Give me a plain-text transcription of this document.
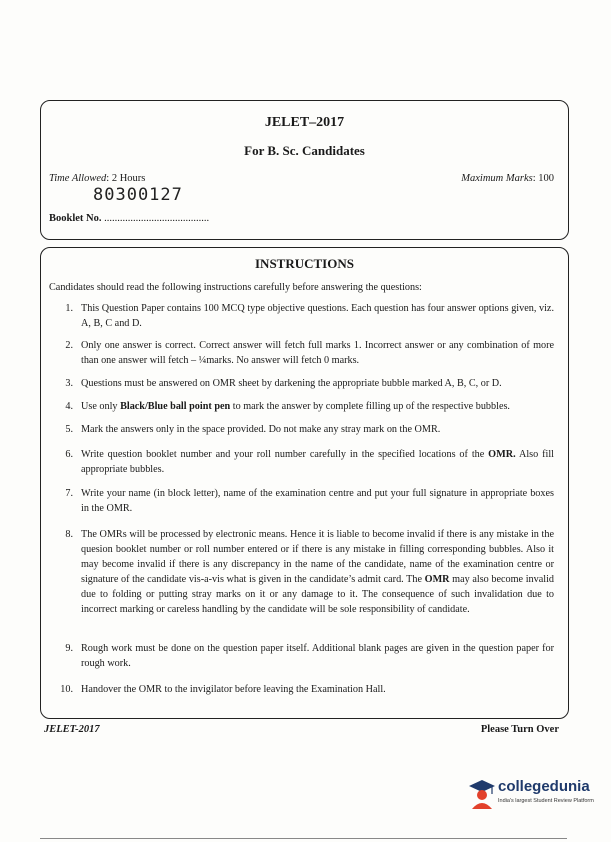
JELET–2017
For B. Sc. Candidates
Time Allowed: 2 Hours	Maximum Marks: 100
80300127
Booklet No. ........................................
INSTRUCTIONS
Candidates should read the following instructions carefully before answering the questions:
1. This Question Paper contains 100 MCQ type objective questions. Each question has four answer options given, viz. A, B, C and D.
2. Only one answer is correct. Correct answer will fetch full marks 1. Incorrect answer or any combination of more than one answer will fetch – ¼marks. No answer will fetch 0 marks.
3. Questions must be answered on OMR sheet by darkening the appropriate bubble marked A, B, C, or D.
4. Use only Black/Blue ball point pen to mark the answer by complete filling up of the respective bubbles.
5. Mark the answers only in the space provided. Do not make any stray mark on the OMR.
6. Write question booklet number and your roll number carefully in the specified locations of the OMR. Also fill appropriate bubbles.
7. Write your name (in block letter), name of the examination centre and put your full signature in appropriate boxes in the OMR.
8. The OMRs will be processed by electronic means. Hence it is liable to become invalid if there is any mistake in the quesion booklet number or roll number entered or if there is any mistake in filling corresponding bubbles. Also it may become invalid if there is any discrepancy in the name of the candidate, name of the examination centre or signature of the candidate vis-a-vis what is given in the candidate’s admit card. The OMR may also become invalid due to folding or putting stray marks on it or any damage to it. The consequence of such invalidation due to incorrect marking or careless handling by the candidate will be sole responsibility of candidate.
9. Rough work must be done on the question paper itself. Additional blank pages are given in the question paper for rough work.
10. Handover the OMR to the invigilator before leaving the Examination Hall.
JELET-2017	Please Turn Over
collegedunia
India's largest Student Review Platform
